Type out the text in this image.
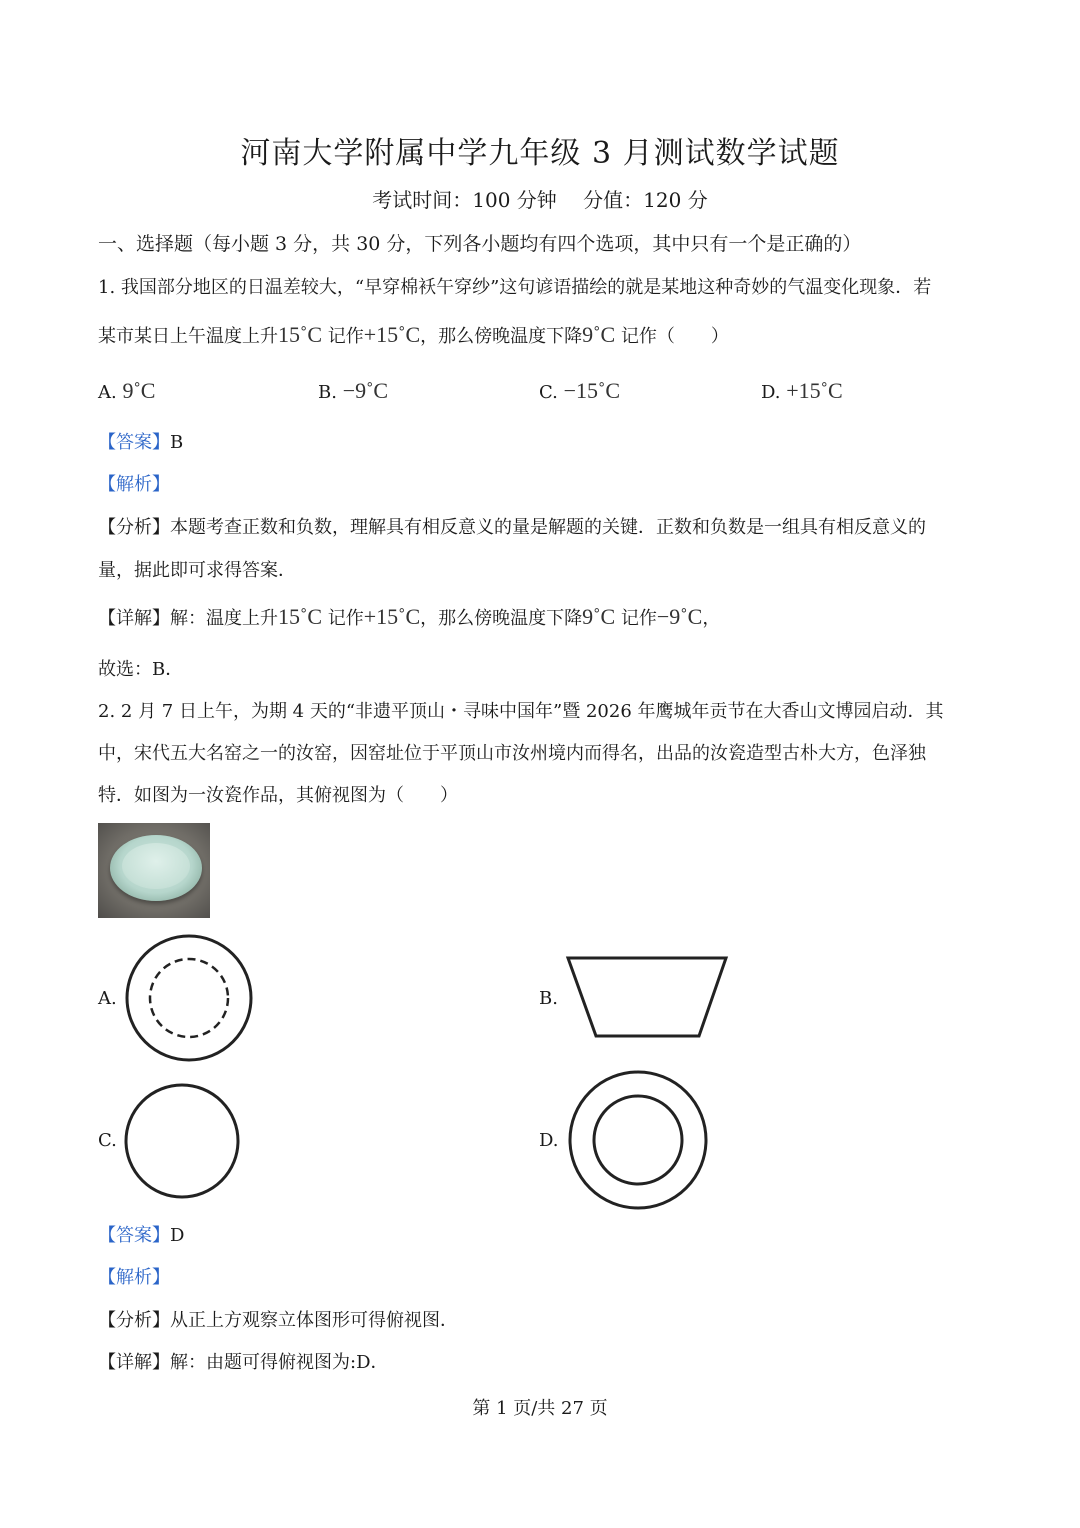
河南大学附属中学九年级 3 月测试数学试题
考试时间：100 分钟　 分值：120 分
一、选择题（每小题 3 分，共 30 分，下列各小题均有四个选项，其中只有一个是正确的）
1. 我国部分地区的日温差较大，“早穿棉袄午穿纱”这句谚语描绘的就是某地这种奇妙的气温变化现象．若
某市某日上午温度上升15˚C 记作+15˚C，那么傍晚温度下降9˚C 记作（　　）
A. 9˚C	B. −9˚C	C. −15˚C	D. +15˚C
【答案】B
【解析】
【分析】本题考查正数和负数，理解具有相反意义的量是解题的关键．正数和负数是一组具有相反意义的
量，据此即可求得答案．
【详解】解：温度上升15˚C 记作+15˚C，那么傍晚温度下降9˚C 记作−9˚C，
故选：B．
2. 2 月 7 日上午，为期 4 天的“非遗平顶山・寻味中国年”暨 2026 年鹰城年贡节在大香山文博园启动．其
中，宋代五大名窑之一的汝窑，因窑址位于平顶山市汝州境内而得名，出品的汝瓷造型古朴大方，色泽独
特．如图为一汝瓷作品，其俯视图为（　　）
A.	B.
C.	D.
【答案】D
【解析】
【分析】从正上方观察立体图形可得俯视图．
【详解】解：由题可得俯视图为:D．
第 1 页/共 27 页
